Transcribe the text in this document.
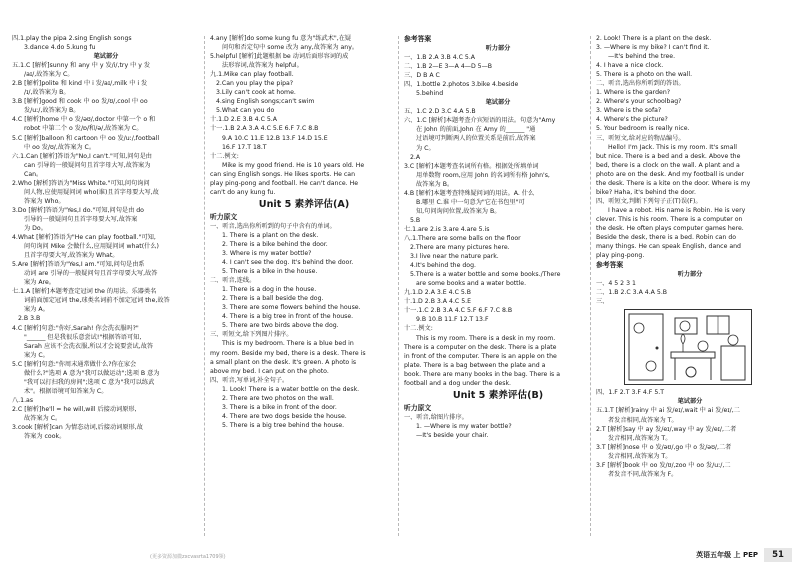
四.1.play the pipa 2.sing English songs
3.dance 4.do 5.kung fu
笔试部分
五.1.C [解析]sunny 和 any 中 y 发/i/,try 中 y 发
/aɪ/,故答案为 C。
2.B [解析]polite 和 kind 中 i 发/aɪ/,milk 中 i 发
/ɪ/,故答案为 B。
3.B [解析]good 和 cook 中 oo 发/ʊ/,cool 中 oo
发/uː/,故答案为 B。
4.C [解析]home 中 o 发/əʊ/,doctor 中第一个 o 和
robot 中第二个 o 发/ɒ/和/ə/,故答案为 C。
5.C [解析]balloon 和 cartoon 中 oo 发/uː/,football
中 oo 发/ʊ/,故答案为 C。
六.1.Can [解析]答语为"No,I can't."可知,问句是由
can 引导的一般疑问句且首字母大写,故答案为
Can。
2.Who [解析]答语为"Miss White."可知,问句询问
问人物,应使用疑问词 who(谁)且首字母要大写,故
答案为 Who。
3.Do [解析]答语为"Yes,I do."可知,问句是由 do
引导的一般疑问句且首字母要大写,故答案
为 Do。
4.What [解析]答语为"He can play football."可知,
问句询问 Mike 会做什么,应用疑问词 what(什么)
且首字母要大写,故答案为 What。
5.Are [解析]答语为"Yes,I am."可知,问句是由系
动词 are 引导的一般疑问句且首字母要大写,故答
案为 Are。
七.1.A [解析]本题考查定冠词 the 的用法。乐器类名
词前面加定冠词 the,球类名词前不加定冠词 the,故答
案为 A。
2.B 3.B
4.C [解析]句意:"你好,Sarah! 你会洗衣服吗?"
"______ 但是我很乐意尝试!"根据答语可知,
Sarah 应该不会洗衣服,所以才会说要尝试,故答
案为 C。
5.C [解析]句意:"你周末通常做什么?你在家会
做什么?"选项 A 意为"我可以做运动";选项 B 意为
"我可以打扫我的房间";选项 C 意为"我可以练武
术"。根据语境可知答案为 C。
八.1.as
2.C [解析]he'll = he will,will 后接动词原形,
故答案为 C。
3.cook [解析]can 为情态动词,后接动词原形,故
答案为 cook。
4.any [解析]do some kung fu 意为"练武术",在疑
问句和否定句中 some 改为 any,故答案为 any。
5.helpful [解析]此题根据 be 动词后面形容词的成
法形容词,故答案为 helpful。
九.1.Mike can play football.
2.Can you play the pipa?
3.Lily can't cook at home.
4.sing English songs;can't swim
5.What can you do
十.1.D 2.E 3.B 4.C 5.A
十一.1.B 2.A 3.A 4.C 5.E 6.F 7.C 8.B
9.A 10.C 11.E 12.B 13.F 14.D 15.E
16.F 17.T 18.T
十二.例文:
Mike is my good friend. He is 10 years old. He
can sing English songs. He likes sports. He can
play ping-pong and football. He can't dance. He
can't do any kung fu.
Unit 5 素养评估(A)
听力原文
一、听音,选出你所听到的句子中含有的单词。
1. There is a plant on the desk.
2. There is a bike behind the door.
3. Where is my water bottle?
4. I can't see the dog. It's behind the door.
5. There is a bike in the house.
二、听音,连线。
1. There is a dog in the house.
2. There is a ball beside the dog.
3. There are some flowers behind the house.
4. There is a big tree in front of the house.
5. There are two birds above the dog.
三、听短文,给下列图片排序。
This is my bedroom. There is a blue bed in
my room. Beside my bed, there is a desk. There is
a small plant on the desk. It's green. A photo is
above my bed. I can put on the photo.
四、听音,写单词,补全句子。
1. Look! There is a water bottle on the desk.
2. There are two photos on the wall.
3. There is a bike in front of the door.
4. There are two dogs beside the house.
5. There is a big tree behind the house.
参考答案
听力部分
一、1.B 2.A 3.B 4.C 5.A
二、1.B 2—E 3—A 4—D 5—B
三、D B A C
四、1.bottle 2.photos 3.bike 4.beside
5.behind
笔试部分
五、1.C 2.D 3.C 4.A 5.B
六、1.C [解析]本题考查介宾短语的用法。句意为"Amy
在 John 的前面,John 在 Amy 的______ "通
过语境可判断两人的位置关系是前后,故答案
为 C。
2.A
3.C [解析]本题考查名词所有格。根据处所填单词
用单数物 room,应用 John 的名词所有格 John's,
故答案为 B。
4.B [解析]本题考查特殊疑问词的用法。A. 什么
B.哪里 C.谁 中一句意为"它在书包里"可
知,句问询问位置,故答案为 B。
5.B
七.1.are 2.is 3.are 4.are 5.is
八.1.There are some balls on the floor
2.There are many pictures here.
3.I live near the nature park.
4.It's behind the dog.
5.There is a water bottle and some books./There
are some books and a water bottle.
九.1.D 2.A 3.E 4.C 5.B
十.1.D 2.B 3.A 4.C 5.E
十一.1.C 2.B 3.A 4.C 5.F 6.F 7.C 8.B
9.B 10.B 11.F 12.T 13.F
十二.例文:
This is my room. There is a desk in my room.
There is a computer on the desk. There is a plate
in front of the computer. There is an apple on the
plate. There is a bag between the plate and a
book. There are many books in the bag. There is a
football and a dog under the desk.
Unit 5 素养评估(B)
听力原文
一、听音,给图片排序。
1. —Where is my water bottle?
—It's beside your chair.
2. Look! There is a plant on the desk.
3. —Where is my bike? I can't find it.
—It's behind the tree.
4. I have a nice clock.
5. There is a photo on the wall.
二、听音,选出你所听到的答语。
1. Where is the garden?
2. Where's your schoolbag?
3. Where is the sofa?
4. Where's the picture?
5. Your bedroom is really nice.
三、听短文,给对应的物品编号。
Hello! I'm Jack. This is my room. It's small
but nice. There is a bed and a desk. Above the
bed, there is a clock on the wall. A plant and a
photo are on the desk. And my football is under
the desk. There is a kite on the door. Where is my
bike? Haha, it's behind the door.
四、听短文,判断下列句子正(T)误(F)。
I have a robot. His name is Robin. He is very
clever. This is his room. There is a computer on
the desk. He often plays computer games here.
Beside the desk, there is a bed. Robin can do
many things. He can speak English, dance and
play ping-pong.
参考答案
听力部分
一、4 5 2 3 1
二、1.B 2.C 3.A 4.A 5.B
三、
四、1.F 2.T 3.F 4.F 5.T
笔试部分
五.1.T [解析]rainy 中 ai 发/eɪ/,wait 中 ai 发/eɪ/,二
者发音相同,故答案为 T。
2.T [解析]say 中 ay 发/eɪ/,way 中 ay 发/eɪ/,二者
发音相同,故答案为 T。
3.T [解析]nose 中 o 发/əʊ/,go 中 o 发/əʊ/,二者
发音相同,故答案为 T。
3.F [解析]book 中 oo 发/ʊ/,zoo 中 oo 发/uː/,二
者发音不同,故答案为 F。
(更多资源加微zxcvasrta1709领)	英语五年级 上 PEP	51
